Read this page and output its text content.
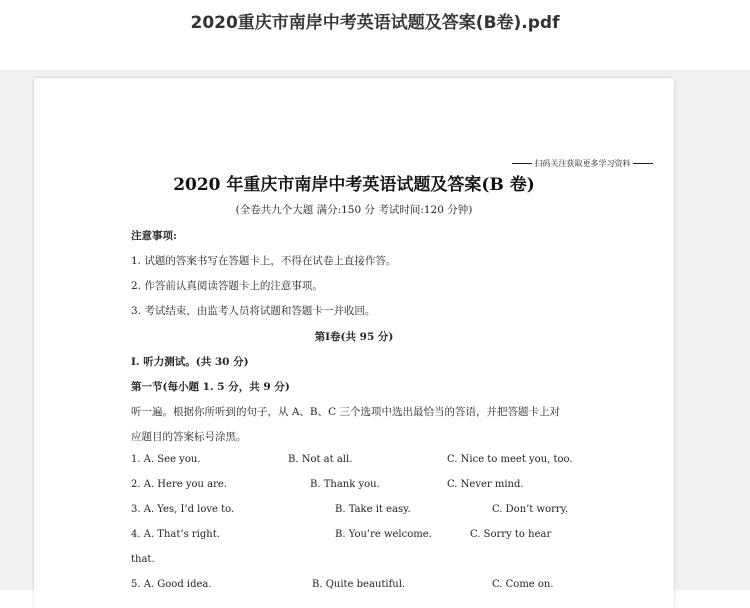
2020重庆市南岸中考英语试题及答案(B卷).pdf
扫码关注获取更多学习资料
2020 年重庆市南岸中考英语试题及答案(B 卷)
(全卷共九个大题 满分:150 分 考试时间:120 分钟)
注意事项:
1. 试题的答案书写在答题卡上，不得在试卷上直接作答。
2. 作答前认真阅读答题卡上的注意事项。
3. 考试结束，由监考人员将试题和答题卡一并收回。
第Ⅰ卷(共 95 分)
I. 听力测试。(共 30 分)
第一节(每小题 1. 5 分，共 9 分)
听一遍。根据你所听到的句子，从 A、B、C 三个选项中选出最恰当的答语，并把答题卡上对
应题目的答案标号涂黑。
1. A. See you.	B. Not at all.	C. Nice to meet you, too.
2. A. Here you are.	B. Thank you.	C. Never mind.
3. A. Yes, I’d love to.	B. Take it easy.	C. Don’t worry.
4. A. That’s right.	B. You’re welcome.	C. Sorry to hear
that.
5. A. Good idea.	B. Quite beautiful.	C. Come on.
